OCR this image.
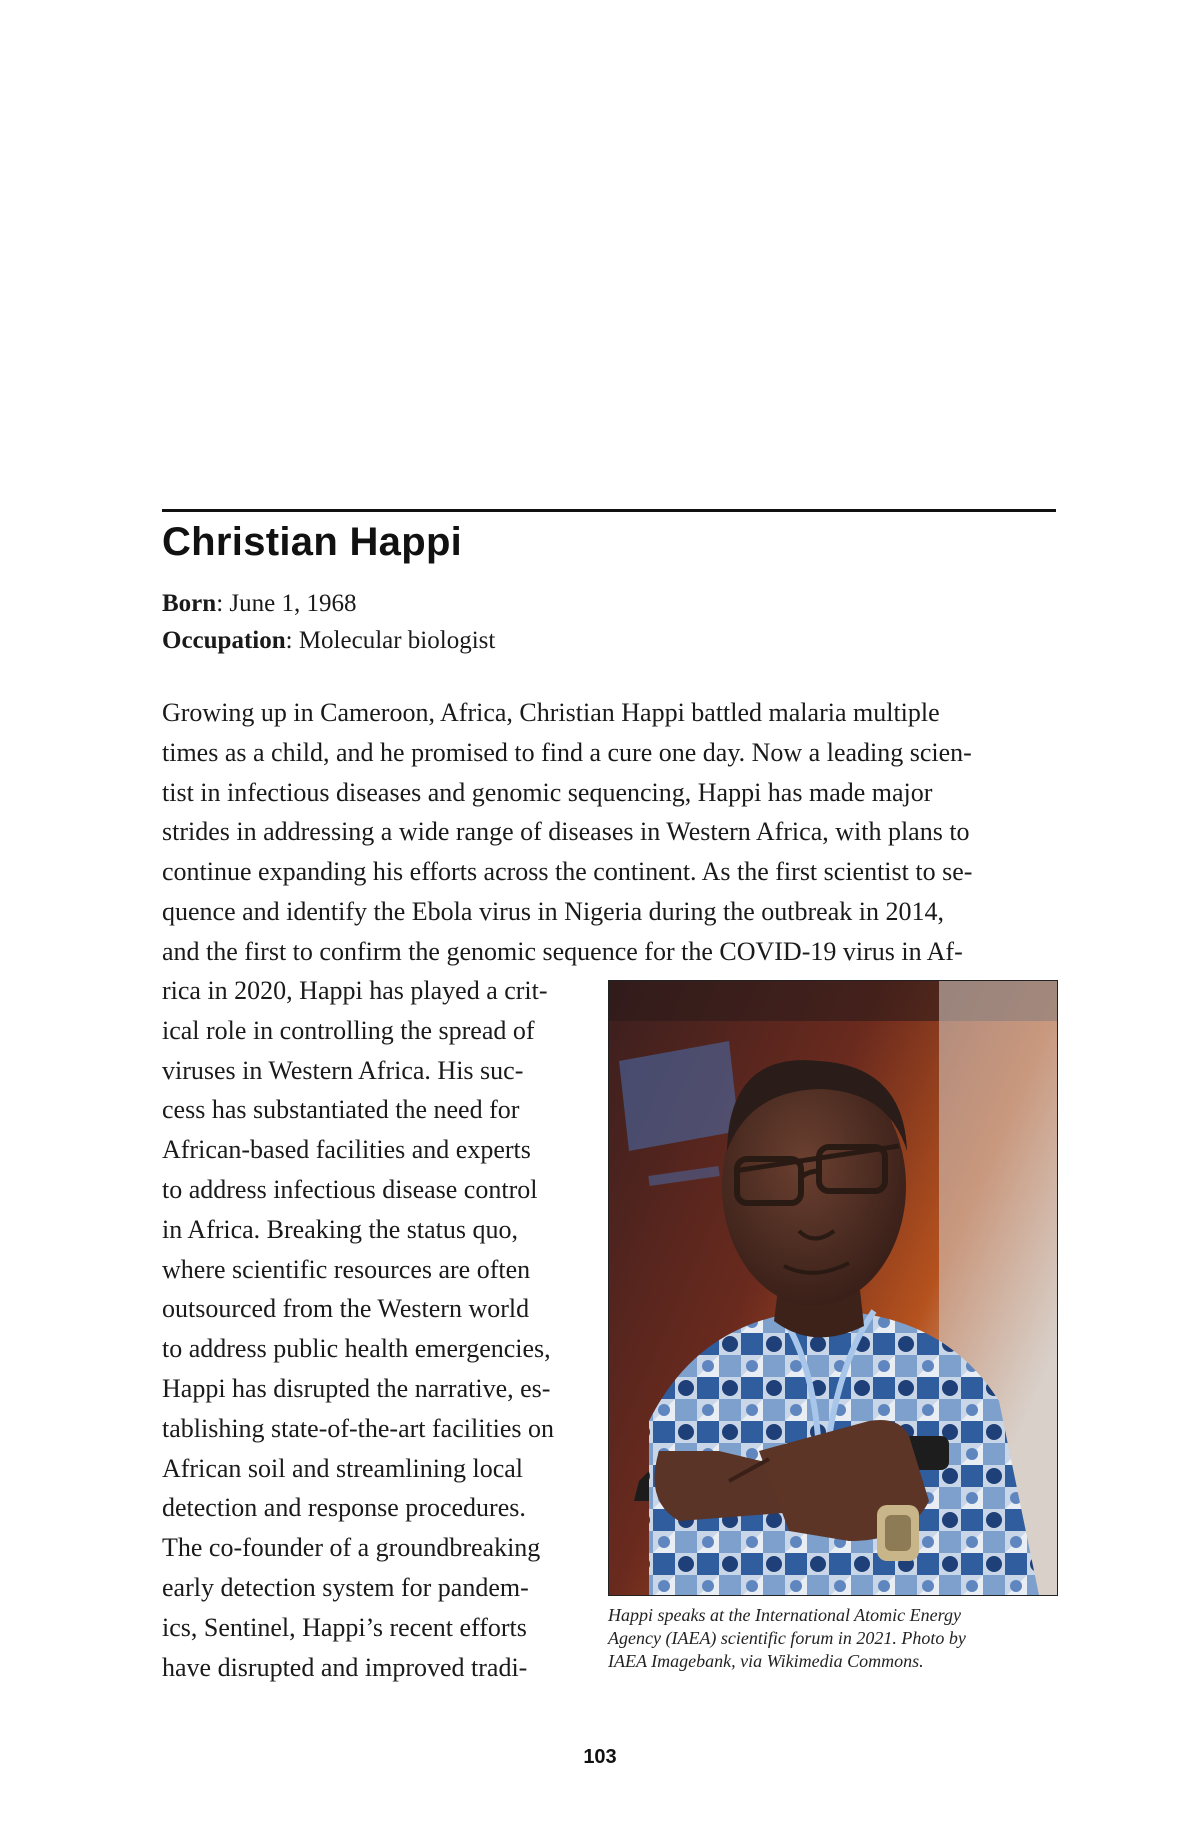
Christian Happi
Born: June 1, 1968
Occupation: Molecular biologist
Growing up in Cameroon, Africa, Christian Happi battled malaria multiple
times as a child, and he promised to find a cure one day. Now a leading scien-
tist in infectious diseases and genomic sequencing, Happi has made major
strides in addressing a wide range of diseases in Western Africa, with plans to
continue expanding his efforts across the continent. As the first scientist to se-
quence and identify the Ebola virus in Nigeria during the outbreak in 2014,
and the first to confirm the genomic sequence for the COVID-19 virus in Af-
rica in 2020, Happi has played a crit-
ical role in controlling the spread of
viruses in Western Africa. His suc-
cess has substantiated the need for
African-based facilities and experts
to address infectious disease control
in Africa. Breaking the status quo,
where scientific resources are often
outsourced from the Western world
to address public health emergencies,
Happi has disrupted the narrative, es-
tablishing state-of-the-art facilities on
African soil and streamlining local
detection and response procedures.
The co-founder of a groundbreaking
early detection system for pandem-
ics, Sentinel, Happi’s recent efforts
have disrupted and improved tradi-
Happi speaks at the International Atomic Energy
Agency (IAEA) scientific forum in 2021. Photo by
IAEA Imagebank, via Wikimedia Commons.
103
